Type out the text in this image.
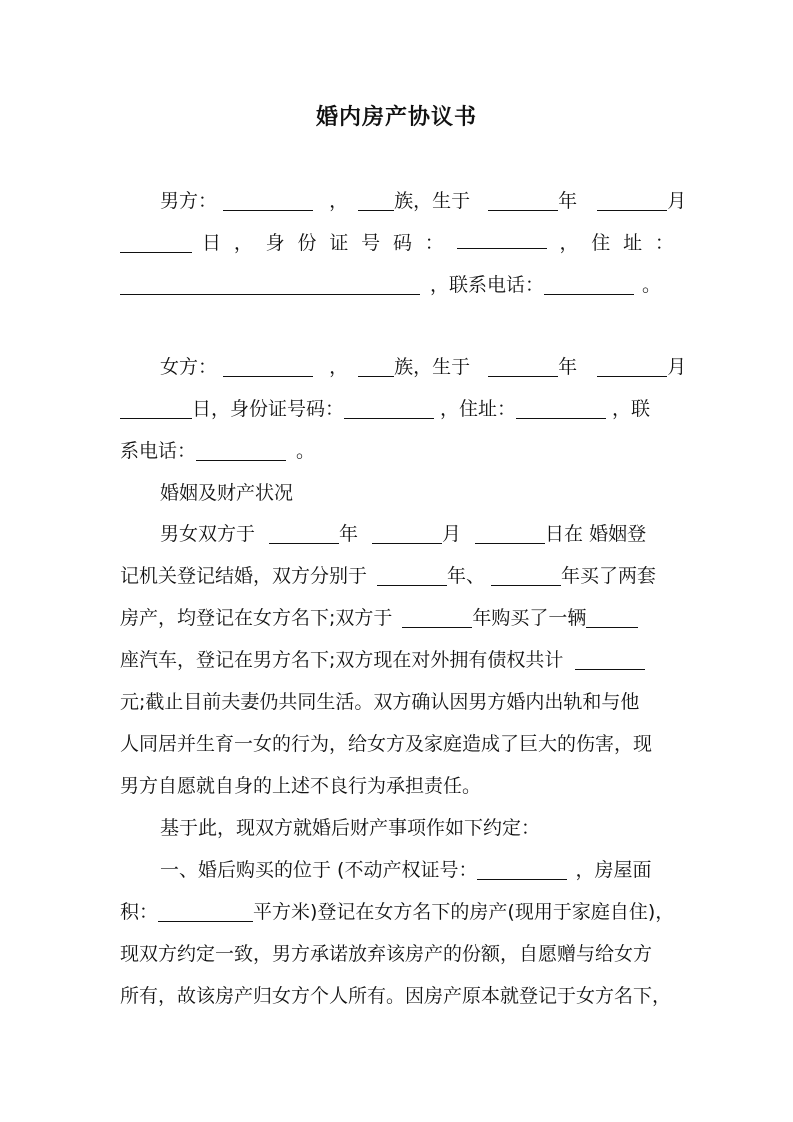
婚内房产协议书
男方：	， 族，生于	年	月
日 ， 身 份 证 号 码 ：	， 住 址 ：
，联系电话：	。
女方：	， 族，生于	年	月
日，身份证号码：	，住址：	，联
系电话：	。
婚姻及财产状况
男女双方于	年	月	日在 婚姻登
记机关登记结婚，双方分别于	年、	年买了两套
房产，均登记在女方名下;双方于	年购买了一辆
座汽车，登记在男方名下;双方现在对外拥有债权共计
元;截止目前夫妻仍共同生活。双方确认因男方婚内出轨和与他
人同居并生育一女的行为，给女方及家庭造成了巨大的伤害，现
男方自愿就自身的上述不良行为承担责任。
基于此，现双方就婚后财产事项作如下约定：
一、婚后购买的位于 (不动产权证号：	，房屋面
积：	平方米)登记在女方名下的房产(现用于家庭自住)，
现双方约定一致，男方承诺放弃该房产的份额，自愿赠与给女方
所有，故该房产归女方个人所有。因房产原本就登记于女方名下，
